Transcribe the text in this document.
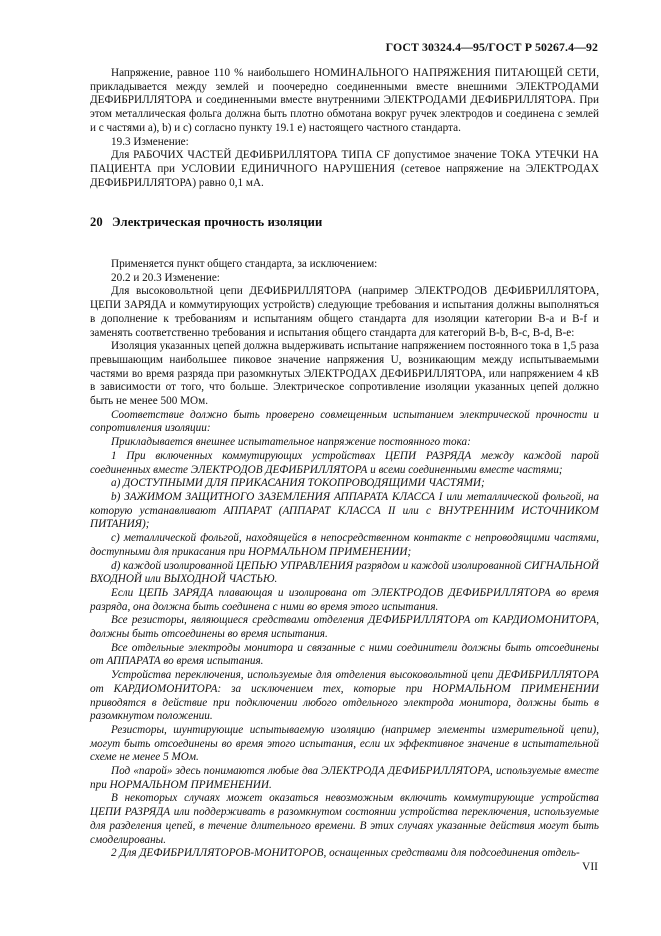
ГОСТ 30324.4—95/ГОСТ Р 50267.4—92

Напряжение, равное 110 % наибольшего НОМИНАЛЬНОГО НАПРЯЖЕНИЯ ПИТАЮЩЕЙ СЕТИ, прикладывается между землей и поочередно соединенными вместе внешними ЭЛЕКТРОДАМИ ДЕФИБРИЛЛЯТОРА и соединенными вместе внутренними ЭЛЕКТРОДАМИ ДЕФИБРИЛЛЯТОРА. При этом металлическая фольга должна быть плотно обмотана вокруг ручек электродов и соединена с землей и с частями a), b) и c) согласно пункту 19.1 е) настоящего частного стандарта.

19.3 Изменение:

Для РАБОЧИХ ЧАСТЕЙ ДЕФИБРИЛЛЯТОРА ТИПА CF допустимое значение ТОКА УТЕЧКИ НА ПАЦИЕНТА при УСЛОВИИ ЕДИНИЧНОГО НАРУШЕНИЯ (сетевое напряжение на ЭЛЕКТРОДАХ ДЕФИБРИЛЛЯТОРА) равно 0,1 мА.

20 Электрическая прочность изоляции

Применяется пункт общего стандарта, за исключением:

20.2 и 20.3 Изменение:

Для высоковольтной цепи ДЕФИБРИЛЛЯТОРА (например ЭЛЕКТРОДОВ ДЕФИБРИЛЛЯТОРА, ЦЕПИ ЗАРЯДА и коммутирующих устройств) следующие требования и испытания должны выполняться в дополнение к требованиям и испытаниям общего стандарта для изоляции категории В-а и В-f и заменять соответственно требования и испытания общего стандарта для категорий В-b, В-с, В-d, В-е:

Изоляция указанных цепей должна выдерживать испытание напряжением постоянного тока в 1,5 раза превышающим наибольшее пиковое значение напряжения U, возникающим между испытываемыми частями во время разряда при разомкнутых ЭЛЕКТРОДАХ ДЕФИБРИЛЛЯТОРА, или напряжением 4 кВ в зависимости от того, что больше. Электрическое сопротивление изоляции указанных цепей должно быть не менее 500 МОм.

Соответствие должно быть проверено совмещенным испытанием электрической прочности и сопротивления изоляции:

Прикладывается внешнее испытательное напряжение постоянного тока:

1 При включенных коммутирующих устройствах ЦЕПИ РАЗРЯДА между каждой парой соединенных вместе ЭЛЕКТРОДОВ ДЕФИБРИЛЛЯТОРА и всеми соединенными вместе частями;

а) ДОСТУПНЫМИ ДЛЯ ПРИКАСАНИЯ ТОКОПРОВОДЯЩИМИ ЧАСТЯМИ;

b) ЗАЖИМОМ ЗАЩИТНОГО ЗАЗЕМЛЕНИЯ АППАРАТА КЛАССА I или металлической фольгой, на которую устанавливают АППАРАТ (АППАРАТ КЛАССА II или с ВНУТРЕННИМ ИСТОЧНИКОМ ПИТАНИЯ);

c) металлической фольгой, находящейся в непосредственном контакте с непроводящими частями, доступными для прикасания при НОРМАЛЬНОМ ПРИМЕНЕНИИ;

d) каждой изолированной ЦЕПЬЮ УПРАВЛЕНИЯ разрядом и каждой изолированной СИГНАЛЬНОЙ ВХОДНОЙ или ВЫХОДНОЙ ЧАСТЬЮ.

Если ЦЕПЬ ЗАРЯДА плавающая и изолирована от ЭЛЕКТРОДОВ ДЕФИБРИЛЛЯТОРА во время разряда, она должна быть соединена с ними во время этого испытания.

Все резисторы, являющиеся средствами отделения ДЕФИБРИЛЛЯТОРА от КАРДИОМОНИТОРА, должны быть отсоединены во время испытания.

Все отдельные электроды монитора и связанные с ними соединители должны быть отсоединены от АППАРАТА во время испытания.

Устройства переключения, используемые для отделения высоковольтной цепи ДЕФИБРИЛЛЯТОРА от КАРДИОМОНИТОРА: за исключением тех, которые при НОРМАЛЬНОМ ПРИМЕНЕНИИ приводятся в действие при подключении любого отдельного электрода монитора, должны быть в разомкнутом положении.

Резисторы, шунтирующие испытываемую изоляцию (например элементы измерительной цепи), могут быть отсоединены во время этого испытания, если их эффективное значение в испытательной схеме не менее 5 МОм.

Под «парой» здесь понимаются любые два ЭЛЕКТРОДА ДЕФИБРИЛЛЯТОРА, используемые вместе при НОРМАЛЬНОМ ПРИМЕНЕНИИ.

В некоторых случаях может оказаться невозможным включить коммутирующие устройства ЦЕПИ РАЗРЯДА или поддерживать в разомкнутом состоянии устройства переключения, используемые для разделения цепей, в течение длительного времени. В этих случаях указанные действия могут быть смоделированы.

2 Для ДЕФИБРИЛЛЯТОРОВ-МОНИТОРОВ, оснащенных средствами для подсоединения отдель-

VII
